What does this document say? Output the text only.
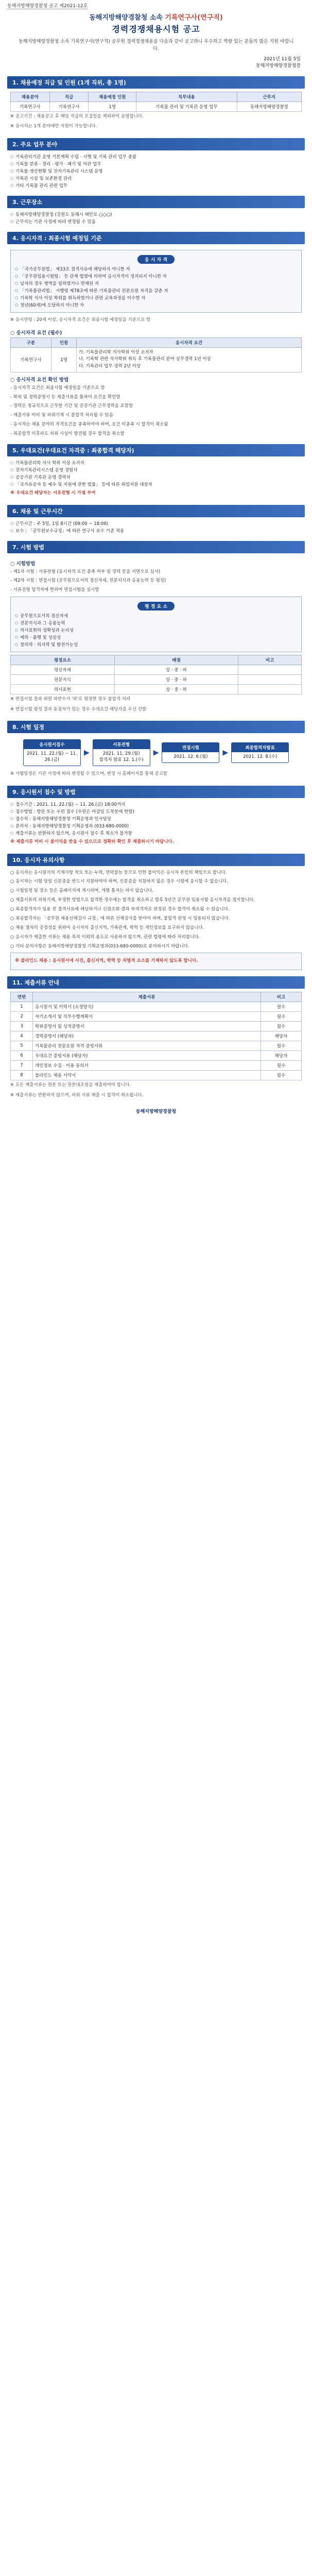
동해지방해양경찰청 공고 제2021-12호
동해지방해양경찰청 소속 기록연구사(연구직)
경력경쟁채용시험 공고
동해지방해양경찰청 소속 기록연구사(연구직) 공무원 경력경쟁채용을 다음과 같이 공고하니 우수하고 역량 있는 분들의 많은 지원 바랍니다.
2021년 11월 5일
동해지방해양경찰청장
1. 채용예정 직급 및 인원 (1개 직위, 총 1명)
채용분야	직급	채용예정 인원	직무내용	근무지
기록연구사	기록연구사	1명	기록물 관리 및 기록관 운영 업무	동해지방해양경찰청
※ 공고기간 : 채용공고 후 해당 직급의 모집일을 제외하여 운영합니다.
※ 응시자는 1개 분야에만 지원이 가능합니다.
2. 주요 업무 분야
○ 기록관리기관 운영 기본계획 수립 · 시행 및 기록 관리 업무 총괄
○ 기록물 분류 · 정리 · 평가 · 폐기 및 이관 업무
○ 기록물 생산현황 및 전자기록관리 시스템 운영
○ 기록관 시설 및 보존환경 관리
○ 기타 기록물 관리 관련 업무
3. 근무장소
○ 동해지방해양경찰청 (강원도 동해시 해안로 ○○○)
○ 근무지는 기관 사정에 따라 변경될 수 있음
4. 응시자격 : 최종시험 예정일 기준
응 시 자 격
○ 「국가공무원법」 제33조 결격사유에 해당하지 아니한 자
○ 「공무원임용시험령」 등 관계 법령에 의하여 응시자격이 정지되지 아니한 자
○ 남자의 경우 병역을 필하였거나 면제된 자
○ 「기록물관리법」 시행령 제78조에 따른 기록물관리 전문요원 자격을 갖춘 자
○ 기록학 석사 이상 학위를 취득하였거나 관련 교육과정을 이수한 자
○ 정년(60세)에 도달하지 아니한 자
※ 응시연령 : 20세 이상, 응시자격 요건은 최종시험 예정일을 기준으로 함
○ 응시자격 요건 (필수)
구분	인원	응시자격 요건
기록연구사	1명	가. 기록물관리학 석사학위 이상 소지자
나. 기록학 관련 석사학위 취득 후 기록물관리 분야 실무경력 1년 이상
다. 기록관리 업무 경력 2년 이상
○ 응시자격 요건 확인 방법

- 응시자격 요건은 최종시험 예정일을 기준으로 함

- 학위 및 경력증명서 등 제출서류를 통하여 요건을 확인함

- 경력은 정규직으로 근무한 기간 및 공공기관 근무경력을 포함함

- 제출서류 미비 및 허위기재 시 불합격 처리될 수 있음

- 응시자는 채용 분야의 자격요건을 충족하여야 하며, 요건 미충족 시 합격이 취소됨

- 최종합격 이후라도 허위 사실이 발견될 경우 합격을 취소함

5. 우대요건(우대요건 자격증 : 최종합격 해당자)
○ 기록물관리학 석사 학위 이상 소지자
○ 전자기록관리시스템 운영 경험자
○ 공공기관 기록관 운영 경력자
○ 「국가유공자 등 예우 및 지원에 관한 법률」 등에 따른 취업지원 대상자
※ 우대요건 해당자는 서류전형 시 가점 부여
6. 채용 및 근무시간
○ 근무시간 : 주 5일, 1일 8시간 (09:00 ~ 18:00)
○ 보수 : 「공무원보수규정」에 따른 연구사 보수 기준 적용
7. 시험 방법
○ 시험방법

- 제1차 시험 : 서류전형 (응시자격 요건 충족 여부 및 경력 등을 서면으로 심사)

- 제2차 시험 : 면접시험 (공무원으로서의 정신자세, 전문지식과 응용능력 등 평정)

- 서류전형 합격자에 한하여 면접시험을 실시함

평 정 요 소
○ 공무원으로서의 정신자세
○ 전문지식과 그 응용능력
○ 의사표현의 정확성과 논리성
○ 예의 · 품행 및 성실성
○ 창의력 · 의지력 및 발전가능성
평정요소	배점	비고
정신자세	상 · 중 · 하	
전문지식	상 · 중 · 하	
의사표현	상 · 중 · 하	
※ 면접시험 결과 위원 과반수가 '하'로 평정한 경우 불합격 처리
※ 면접시험 평정 결과 동점자가 있는 경우 우대요건 해당자를 우선 선발
8. 시험 일정
응시원서접수
2021. 11. 22.(월) ~ 11. 26.(금)
▶
서류전형
2021. 11. 29.(월)
합격자 발표 12. 1.(수)
▶
면접시험
2021. 12. 6.(월)
▶
최종합격자발표
2021. 12. 8.(수)
※ 시험일정은 기관 사정에 따라 변경될 수 있으며, 변경 시 홈페이지를 통해 공고함
9. 응시원서 접수 및 방법
○ 접수기간 : 2021. 11. 22.(월) ~ 11. 26.(금) 18:00까지
○ 접수방법 : 방문 또는 우편 접수 (우편은 마감일 도착분에 한함)
○ 접수처 : 동해지방해양경찰청 기획운영과 인사담당
○ 문의처 : 동해지방해양경찰청 기획운영과 (033-680-0000)
○ 제출서류는 반환하지 않으며, 응시원서 접수 후 취소가 불가함
※ 제출서류 미비 시 불이익을 받을 수 있으므로 정확히 확인 후 제출하시기 바랍니다.
10. 응시자 유의사항

○ 응시자는 응시원서의 기재사항 착오 또는 누락, 연락불능 등으로 인한 불이익은 응시자 본인의 책임으로 합니다.

○ 응시자는 시험 당일 신분증을 반드시 지참하여야 하며, 신분증을 지참하지 않은 경우 시험에 응시할 수 없습니다.

○ 시험일정 및 장소 등은 홈페이지에 게시하며, 개별 통지는 하지 않습니다.

○ 제출서류의 허위기재, 부정한 방법으로 합격한 경우에는 합격을 취소하고 향후 5년간 공무원 임용시험 응시자격을 정지합니다.

○ 최종합격자가 임용 전 결격사유에 해당하거나 신원조회 결과 부적격자로 판정된 경우 합격이 취소될 수 있습니다.

○ 최종합격자는 「공무원 채용신체검사 규정」에 따른 신체검사를 받아야 하며, 불합격 판정 시 임용되지 않습니다.

○ 채용 절차의 공정성을 위하여 응시자의 출신지역, 가족관계, 학력 등 개인정보를 요구하지 않습니다.

○ 응시자가 제출한 서류는 채용 목적 이외의 용도로 사용하지 않으며, 관련 법령에 따라 처리합니다.

○ 기타 문의사항은 동해지방해양경찰청 기획운영과(033-680-0000)로 문의하시기 바랍니다.

※ 블라인드 채용 : 응시원서에 사진, 출신지역, 학력 등 차별적 요소를 기재하지 않도록 합니다.
11. 제출서류 안내
연번	제출서류	비고
1	응시원서 및 이력서 (소정양식)	필수
2	자기소개서 및 직무수행계획서	필수
3	학위증명서 및 성적증명서	필수
4	경력증명서 (해당자)	해당자
5	기록물관리 전문요원 자격 증빙서류	필수
6	우대요건 증빙서류 (해당자)	해당자
7	개인정보 수집 · 이용 동의서	필수
8	블라인드 채용 서약서	필수
※ 모든 제출서류는 원본 또는 원본대조필을 제출하여야 합니다.
※ 제출서류는 반환하지 않으며, 허위 서류 제출 시 합격이 취소됩니다.
동해지방해양경찰청
